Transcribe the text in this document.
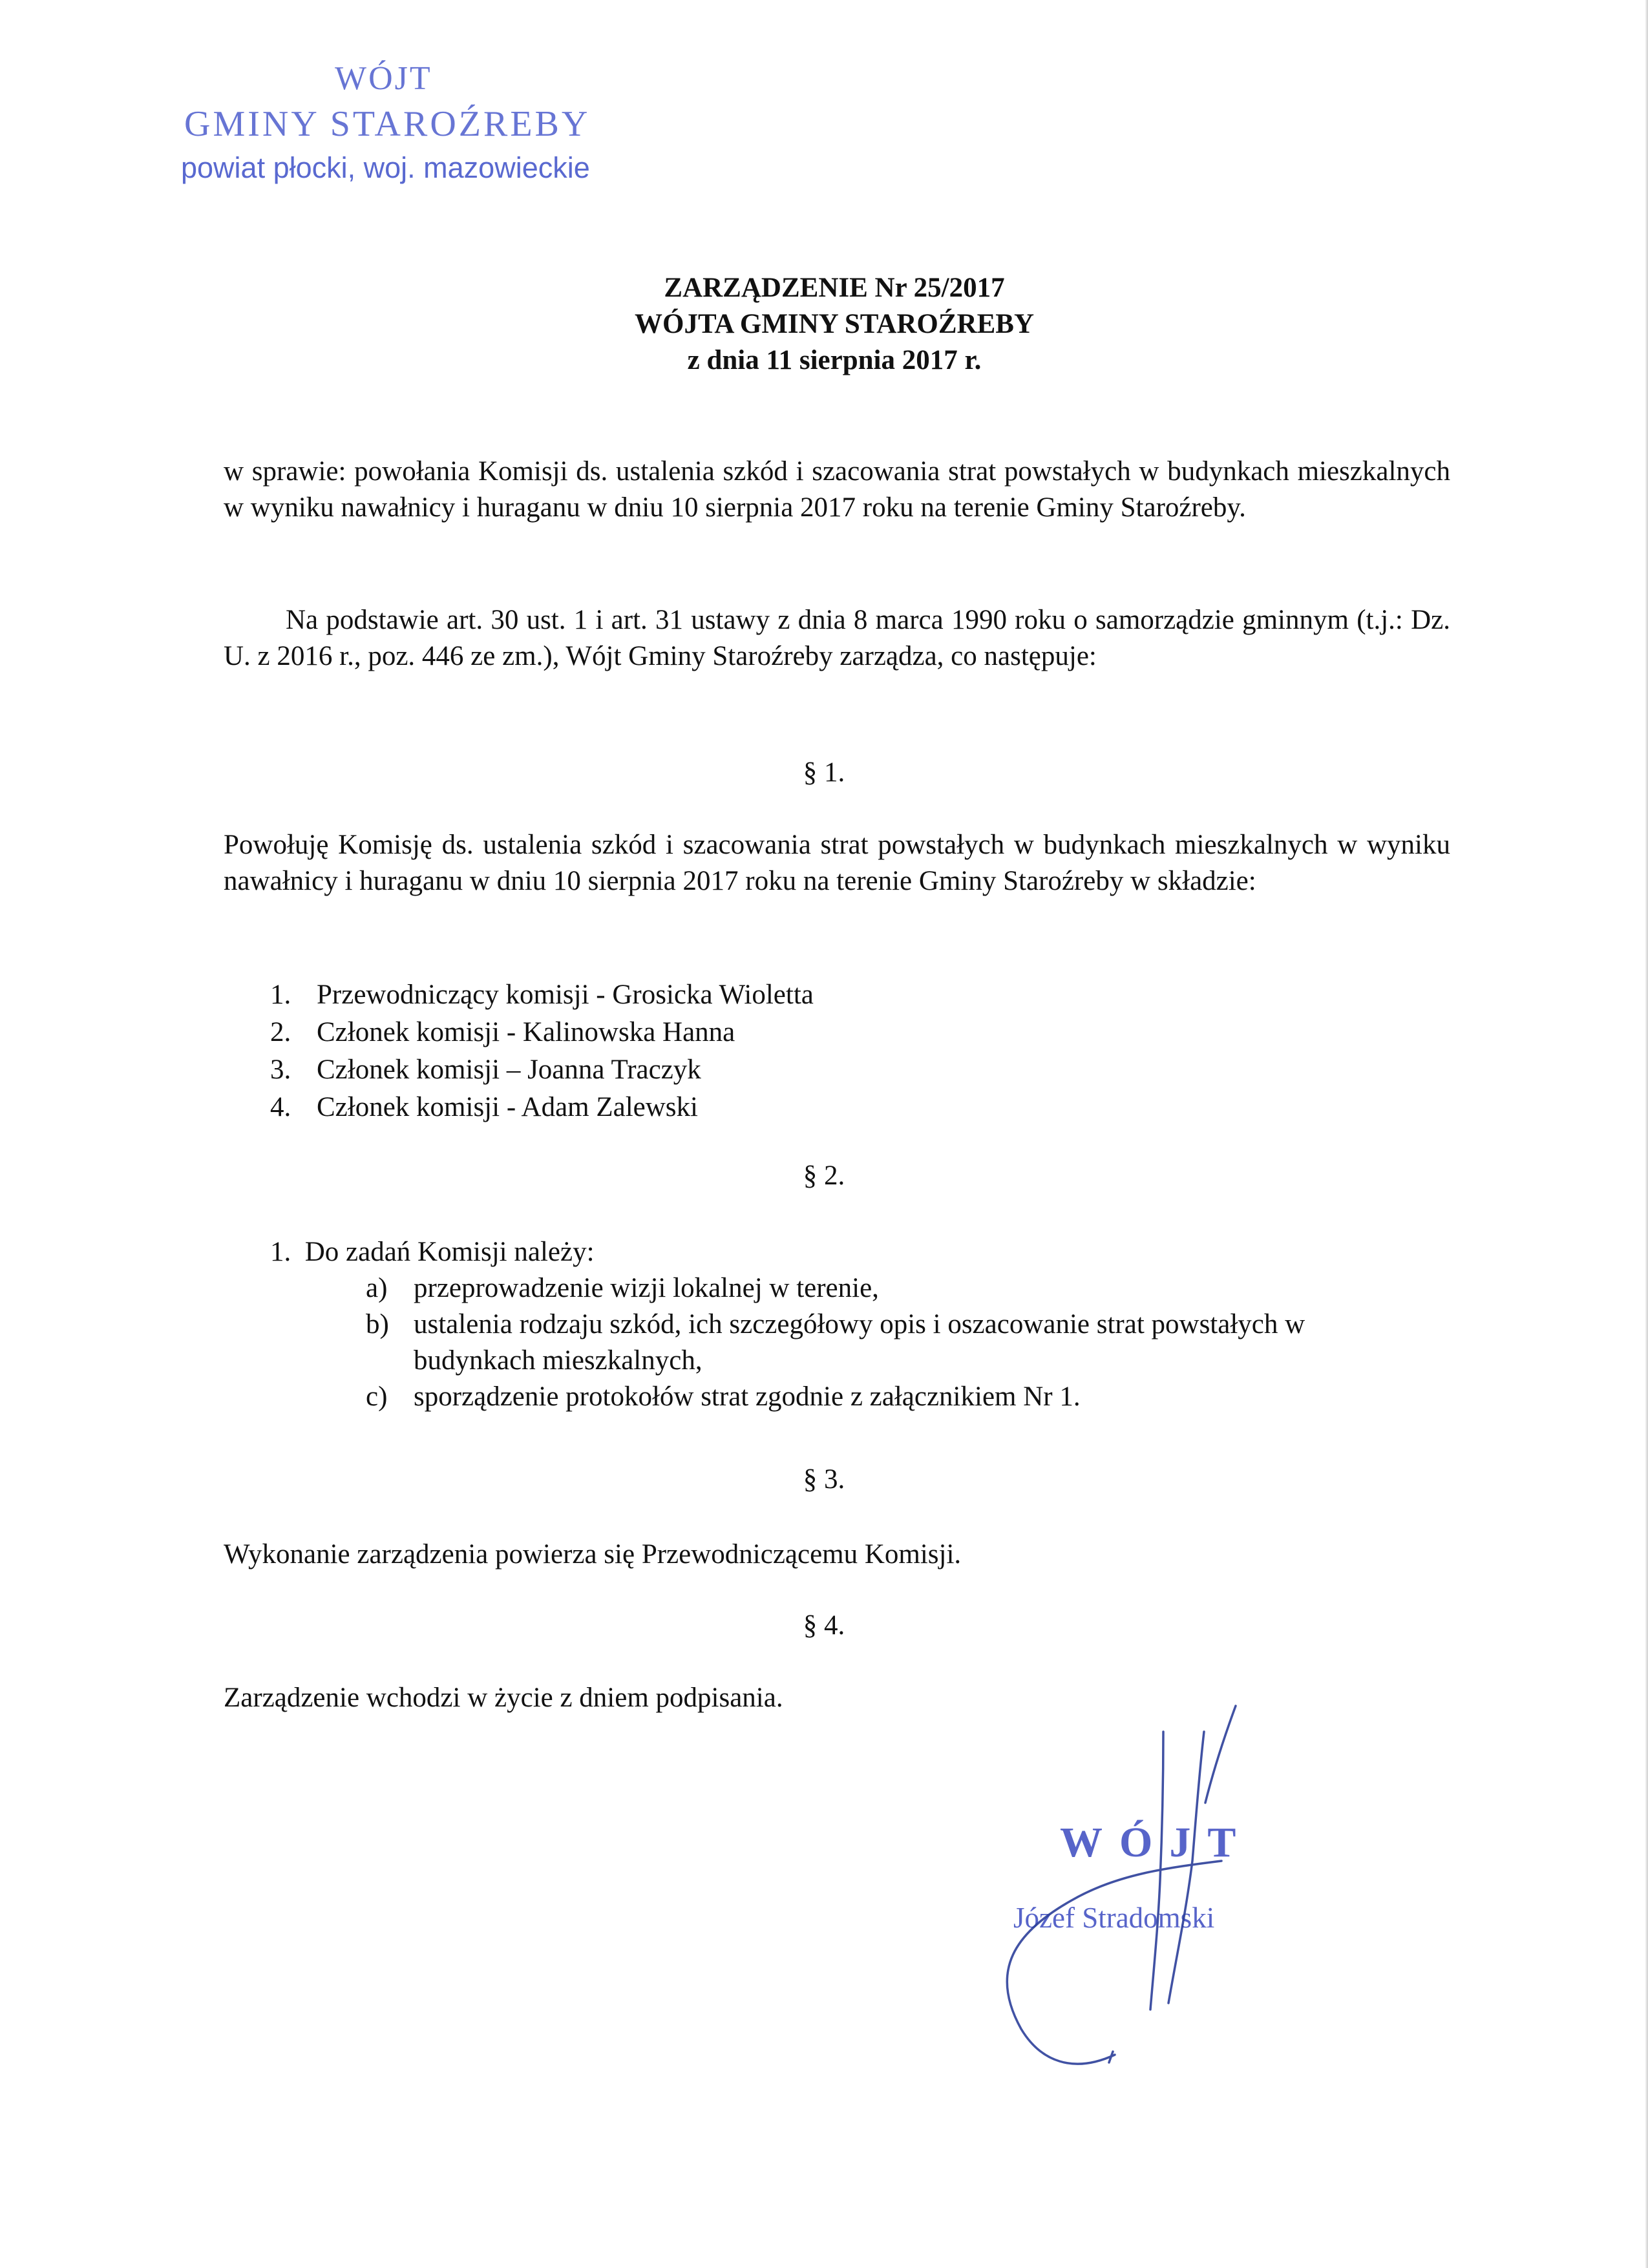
WÓJT
GMINY STAROŹREBY
powiat płocki, woj. mazowieckie
ZARZĄDZENIE Nr 25/2017
WÓJTA GMINY STAROŹREBY
z dnia 11 sierpnia 2017 r.
w sprawie: powołania Komisji ds. ustalenia szkód i szacowania strat powstałych w budynkach mieszkalnych w wyniku nawałnicy i huraganu w dniu 10 sierpnia 2017 roku na terenie Gminy Staroźreby.
Na podstawie art. 30 ust. 1 i art. 31 ustawy z dnia 8 marca 1990 roku o samorządzie gminnym (t.j.: Dz. U. z 2016 r., poz. 446 ze zm.), Wójt Gminy Staroźreby zarządza, co następuje:
§ 1.
Powołuję Komisję ds. ustalenia szkód i szacowania strat powstałych w budynkach mieszkalnych w wyniku nawałnicy i huraganu w dniu 10 sierpnia 2017 roku na terenie Gminy Staroźreby w składzie:
1. Przewodniczący komisji - Grosicka Wioletta
2. Członek komisji - Kalinowska Hanna
3. Członek komisji – Joanna Traczyk
4. Członek komisji - Adam Zalewski
§ 2.
1.  Do zadań Komisji należy:
a) przeprowadzenie wizji lokalnej w terenie,
b) ustalenia rodzaju szkód, ich szczegółowy opis i oszacowanie strat powstałych w budynkach mieszkalnych,
c) sporządzenie protokołów strat zgodnie z załącznikiem Nr 1.
§ 3.
Wykonanie zarządzenia powierza się Przewodniczącemu Komisji.
§ 4.
Zarządzenie wchodzi w życie z dniem podpisania.
WÓJT
Józef Stradomski
